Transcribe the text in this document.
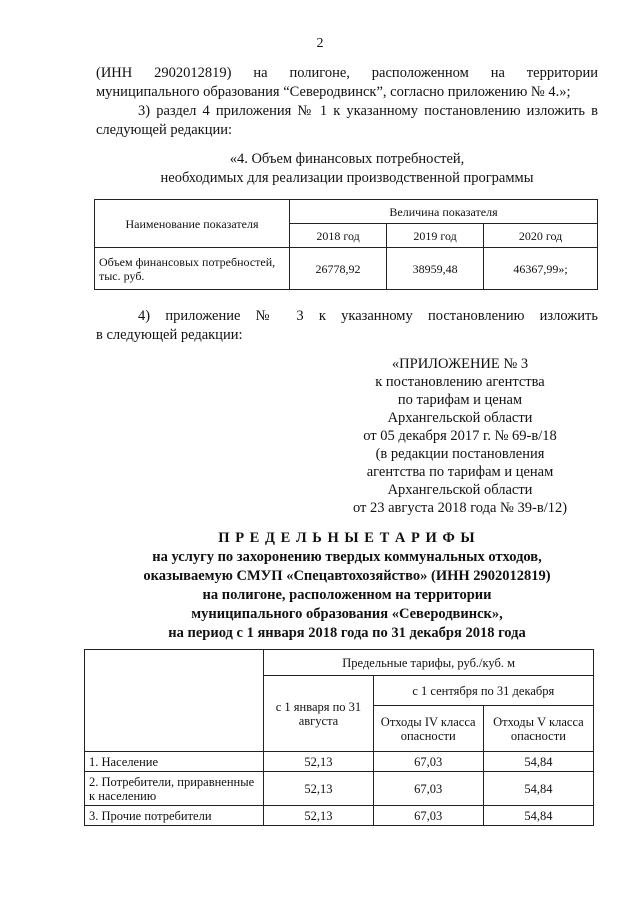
2
(ИНН 2902012819) на полигоне, расположенном на территории
муниципального образования “Северодвинск”, согласно приложению № 4.»;
3) раздел 4 приложения № 1 к указанному постановлению изложить в
следующей редакции:
«4. Объем финансовых потребностей,
необходимых для реализации производственной программы
Наименование показателя	Величина показателя		
	2018 год	2019 год	2020 год
Объем финансовых потребностей, тыс. руб.	26778,92	38959,48	46367,99»;
4) приложение № 3 к указанному постановлению изложить
в следующей редакции:
«ПРИЛОЖЕНИЕ № 3
к постановлению агентства
по тарифам и ценам
Архангельской области
от 05 декабря 2017 г. № 69-в/18
(в редакции постановления
агентства по тарифам и ценам
Архангельской области
от 23 августа 2018 года № 39-в/12)
П Р Е Д Е Л Ь Н Ы Е Т А Р И Ф Ы
на услугу по захоронению твердых коммунальных отходов,
оказываемую СМУП «Спецавтохозяйство» (ИНН 2902012819)
на полигоне, расположенном на территории
муниципального образования «Северодвинск»,
на период с 1 января 2018 года по 31 декабря 2018 года
	Предельные тарифы, руб./куб. м		
	с 1 января по 31 августа	с 1 сентября по 31 декабря	
		Отходы IV класса опасности	Отходы V класса опасности
1. Население	52,13	67,03	54,84
2. Потребители, приравненные к населению	52,13	67,03	54,84
3. Прочие потребители	52,13	67,03	54,84
